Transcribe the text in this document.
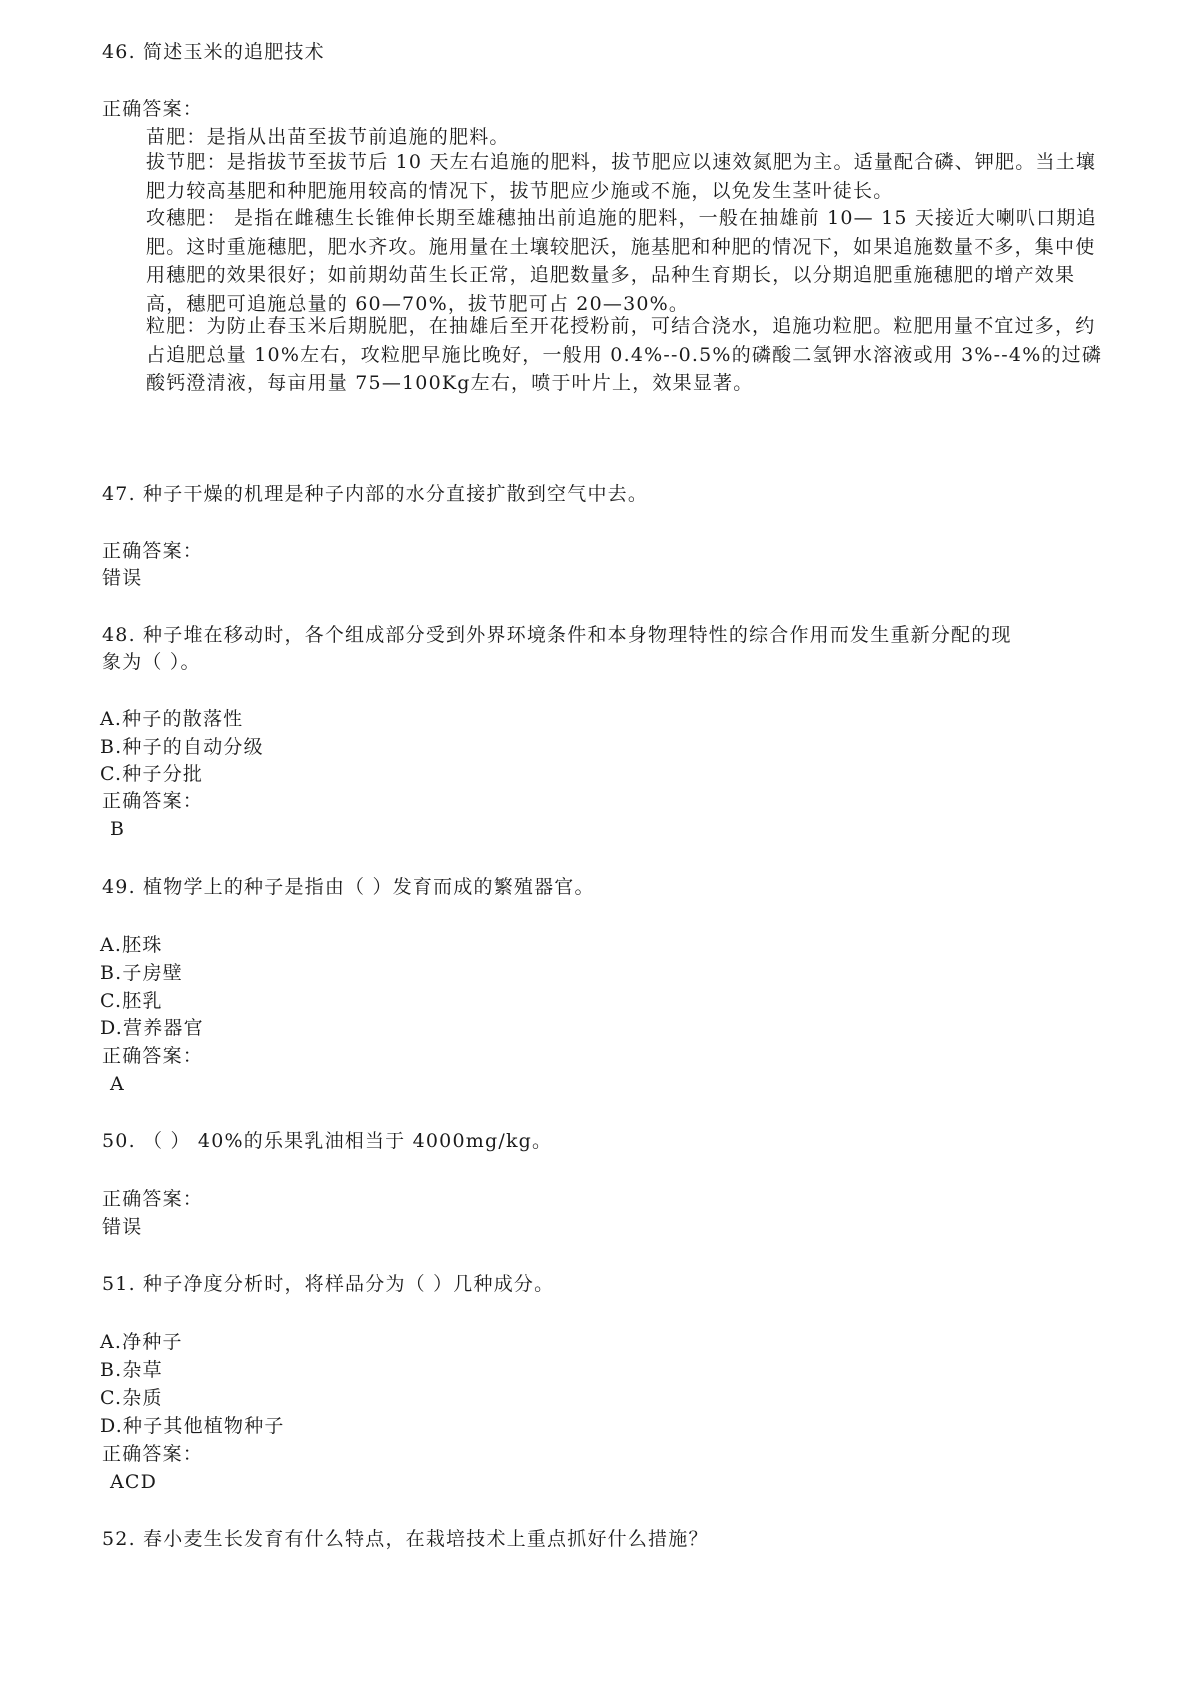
46. 简述玉米的追肥技术
正确答案：
苗肥：是指从出苗至拔节前追施的肥料。
拔节肥：是指拔节至拔节后 10 天左右追施的肥料，拔节肥应以速效氮肥为主。适量配合磷、钾肥。当土壤肥力较高基肥和种肥施用较高的情况下，拔节肥应少施或不施，以免发生茎叶徒长。
攻穗肥： 是指在雌穗生长锥伸长期至雄穗抽出前追施的肥料，一般在抽雄前 10— 15 天接近大喇叭口期追肥。这时重施穗肥，肥水齐攻。施用量在土壤较肥沃，施基肥和种肥的情况下，如果追施数量不多，集中使用穗肥的效果很好；如前期幼苗生长正常，追肥数量多，品种生育期长，以分期追肥重施穗肥的增产效果高，穗肥可追施总量的 60—70%，拔节肥可占 20—30%。
粒肥：为防止春玉米后期脱肥，在抽雄后至开花授粉前，可结合浇水，追施功粒肥。粒肥用量不宜过多，约占追肥总量 10%左右，攻粒肥早施比晚好，一般用 0.4%--0.5%的磷酸二氢钾水溶液或用 3%--4%的过磷酸钙澄清液，每亩用量 75—100Kg左右，喷于叶片上，效果显著。
47. 种子干燥的机理是种子内部的水分直接扩散到空气中去。
正确答案：
错误
48. 种子堆在移动时，各个组成部分受到外界环境条件和本身物理特性的综合作用而发生重新分配的现
象为（ ）。
A.种子的散落性
B.种子的自动分级
C.种子分批
正确答案：
B
49. 植物学上的种子是指由（ ）发育而成的繁殖器官。
A.胚珠
B.子房壁
C.胚乳
D.营养器官
正确答案：
A
50. （ ） 40%的乐果乳油相当于 4000mg/kg。
正确答案：
错误
51. 种子净度分析时，将样品分为（ ）几种成分。
A.净种子
B.杂草
C.杂质
D.种子其他植物种子
正确答案：
ACD
52. 春小麦生长发育有什么特点，在栽培技术上重点抓好什么措施？
